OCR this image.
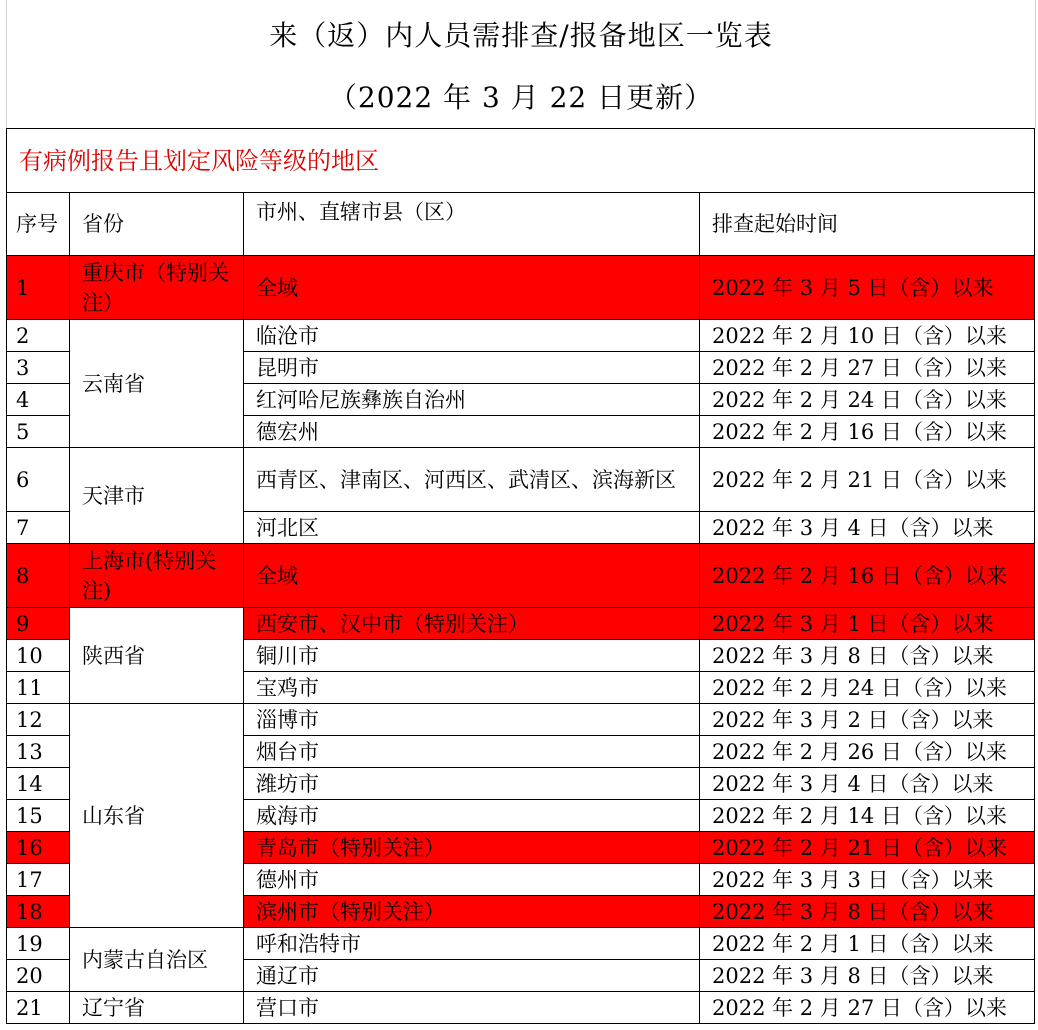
来（返）内人员需排查/报备地区一览表
（2022 年 3 月 22 日更新）
有病例报告且划定风险等级的地区			
序号	省份	市州、直辖市县（区）	排查起始时间
1	重庆市（特别关注）	全域	2022 年 3 月 5 日（含）以来
2	云南省	临沧市	2022 年 2 月 10 日（含）以来
3		昆明市	2022 年 2 月 27 日（含）以来
4		红河哈尼族彝族自治州	2022 年 2 月 24 日（含）以来
5		德宏州	2022 年 2 月 16 日（含）以来
6	天津市	西青区、津南区、河西区、武清区、滨海新区	2022 年 2 月 21 日（含）以来
7		河北区	2022 年 3 月 4 日（含）以来
8	上海市(特别关注)	全域	2022 年 2 月 16 日（含）以来
9	陕西省	西安市、汉中市（特别关注）	2022 年 3 月 1 日（含）以来
10		铜川市	2022 年 3 月 8 日（含）以来
11		宝鸡市	2022 年 2 月 24 日（含）以来
12	山东省	淄博市	2022 年 3 月 2 日（含）以来
13		烟台市	2022 年 2 月 26 日（含）以来
14		潍坊市	2022 年 3 月 4 日（含）以来
15		威海市	2022 年 2 月 14 日（含）以来
16		青岛市（特别关注）	2022 年 2 月 21 日（含）以来
17		德州市	2022 年 3 月 3 日（含）以来
18		滨州市（特别关注）	2022 年 3 月 8 日（含）以来
19	内蒙古自治区	呼和浩特市	2022 年 2 月 1 日（含）以来
20		通辽市	2022 年 3 月 8 日（含）以来
21	辽宁省	营口市	2022 年 2 月 27 日（含）以来
